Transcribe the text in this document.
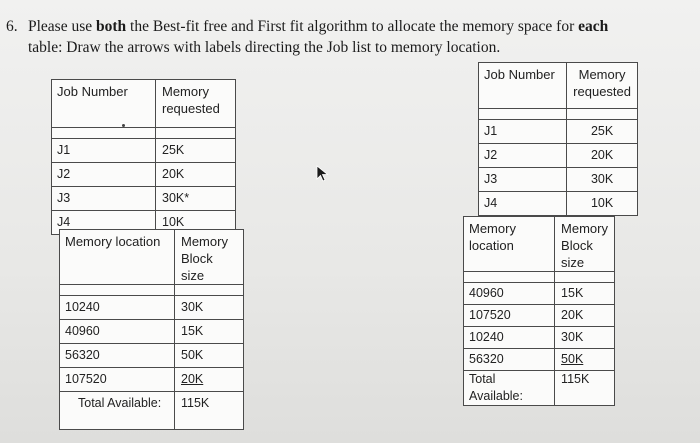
6. Please use both the Best-fit free and First fit algorithm to allocate the memory space for each
table: Draw the arrows with labels directing the Job list to memory location.
Job Number	Memory requested

J1	25K
J2	20K
J3	30K*
J4	10K
Memory location	Memory Block size

10240	30K
40960	15K
56320	50K
107520	20K
Total Available:	115K
Job Number	Memory requested

J1	25K
J2	20K
J3	30K
J4	10K
Memory location	Memory Block size

40960	15K
107520	20K
10240	30K
56320	50K
Total Available:	115K
